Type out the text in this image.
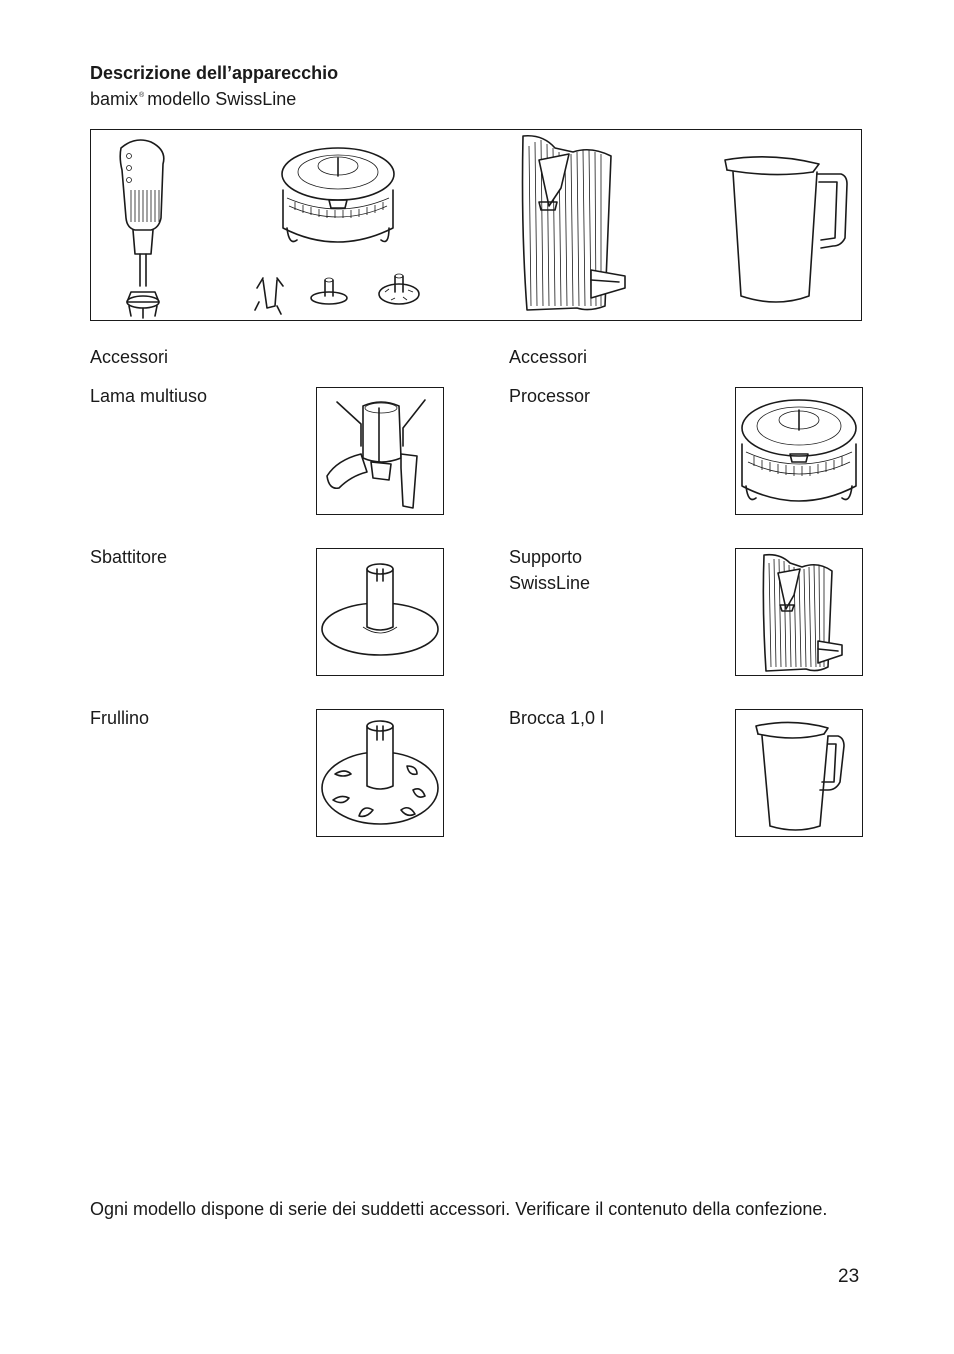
Descrizione dell’apparecchio
bamix® modello SwissLine
Accessori
Lama multiuso
Sbattitore
Frullino
Accessori
Processor
Supporto
SwissLine
Brocca 1,0 l
Ogni modello dispone di serie dei suddetti accessori. Verificare il contenuto della confezione.
23
